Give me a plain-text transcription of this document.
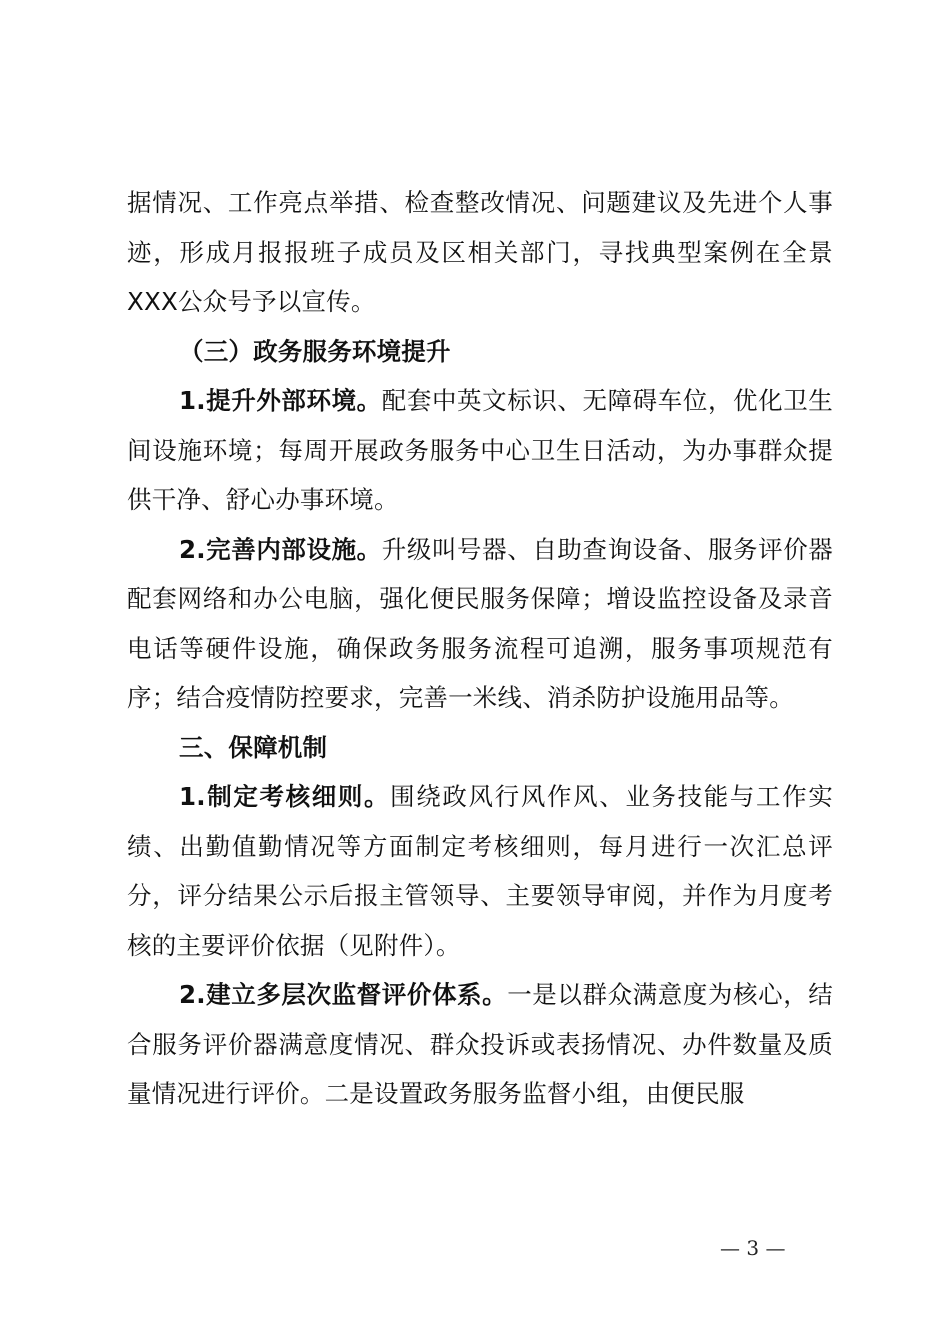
据情况、工作亮点举措、检查整改情况、问题建议及先进个人事迹，形成月报报班子成员及区相关部门，寻找典型案例在全景XXX公众号予以宣传。

（三）政务服务环境提升

1.提升外部环境。配套中英文标识、无障碍车位，优化卫生间设施环境；每周开展政务服务中心卫生日活动，为办事群众提供干净、舒心办事环境。

2.完善内部设施。升级叫号器、自助查询设备、服务评价器配套网络和办公电脑，强化便民服务保障；增设监控设备及录音电话等硬件设施，确保政务服务流程可追溯，服务事项规范有序；结合疫情防控要求，完善一米线、消杀防护设施用品等。

三、保障机制

1.制定考核细则。围绕政风行风作风、业务技能与工作实绩、出勤值勤情况等方面制定考核细则，每月进行一次汇总评分，评分结果公示后报主管领导、主要领导审阅，并作为月度考核的主要评价依据（见附件）。

2.建立多层次监督评价体系。一是以群众满意度为核心，结合服务评价器满意度情况、群众投诉或表扬情况、办件数量及质量情况进行评价。二是设置政务服务监督小组，由便民服

— 3 —
